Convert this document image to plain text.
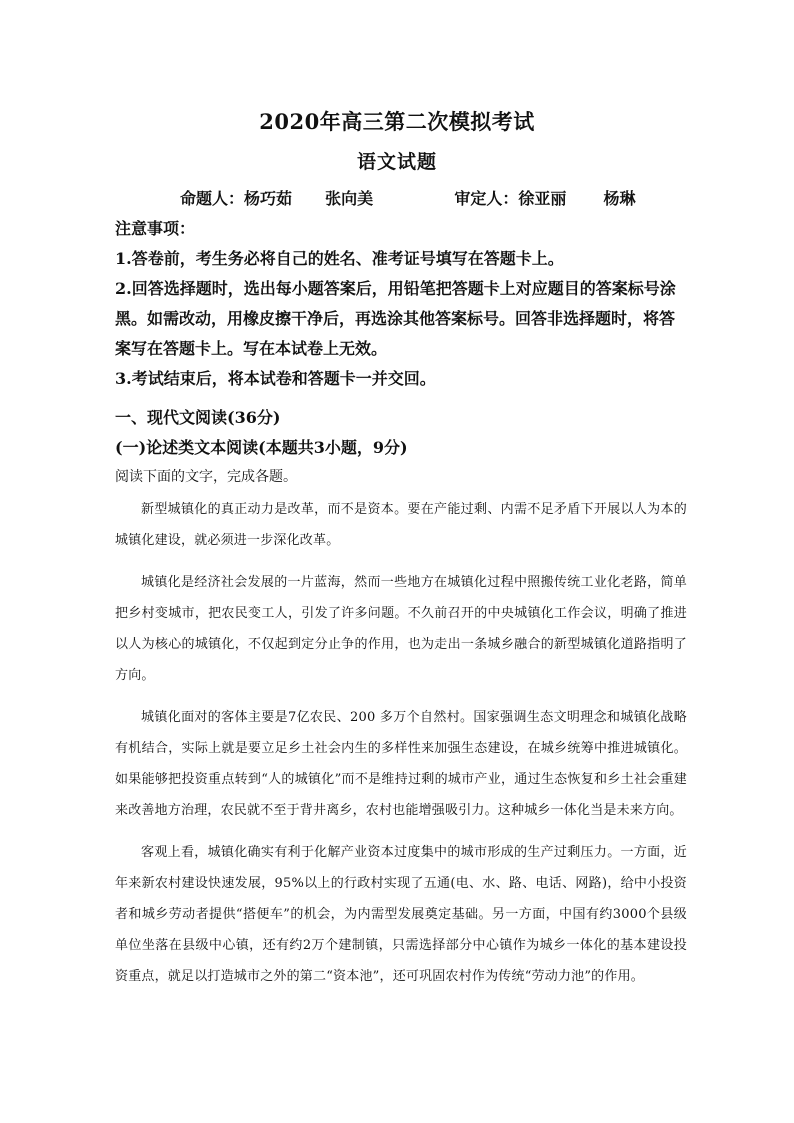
2020年高三第二次模拟考试
语文试题
命题人：杨巧茹 张向美	审定人：徐亚丽 杨琳

注意事项：

1.答卷前，考生务必将自己的姓名、准考证号填写在答题卡上。

2.回答选择题时，选出每小题答案后，用铅笔把答题卡上对应题目的答案标号涂黑。如需改动，用橡皮擦干净后，再选涂其他答案标号。回答非选择题时，将答案写在答题卡上。写在本试卷上无效。

3.考试结束后，将本试卷和答题卡一并交回。

一、现代文阅读(36分)
(一)论述类文本阅读(本题共3小题，9分)
阅读下面的文字，完成各题。

新型城镇化的真正动力是改革，而不是资本。要在产能过剩、内需不足矛盾下开展以人为本的城镇化建设，就必须进一步深化改革。

城镇化是经济社会发展的一片蓝海，然而一些地方在城镇化过程中照搬传统工业化老路，简单把乡村变城市，把农民变工人，引发了许多问题。不久前召开的中央城镇化工作会议，明确了推进以人为核心的城镇化，不仅起到定分止争的作用，也为走出一条城乡融合的新型城镇化道路指明了方向。

城镇化面对的客体主要是7亿农民、200 多万个自然村。国家强调生态文明理念和城镇化战略有机结合，实际上就是要立足乡土社会内生的多样性来加强生态建设，在城乡统筹中推进城镇化。如果能够把投资重点转到“人的城镇化”而不是维持过剩的城市产业，通过生态恢复和乡土社会重建来改善地方治理，农民就不至于背井离乡，农村也能增强吸引力。这种城乡一体化当是未来方向。

客观上看，城镇化确实有利于化解产业资本过度集中的城市形成的生产过剩压力。一方面，近年来新农村建设快速发展，95%以上的行政村实现了五通(电、水、路、电话、网路)，给中小投资者和城乡劳动者提供“搭便车”的机会，为内需型发展奠定基础。另一方面，中国有约3000个县级单位坐落在县级中心镇，还有约2万个建制镇，只需选择部分中心镇作为城乡一体化的基本建设投资重点，就足以打造城市之外的第二“资本池”，还可巩固农村作为传统“劳动力池”的作用。
